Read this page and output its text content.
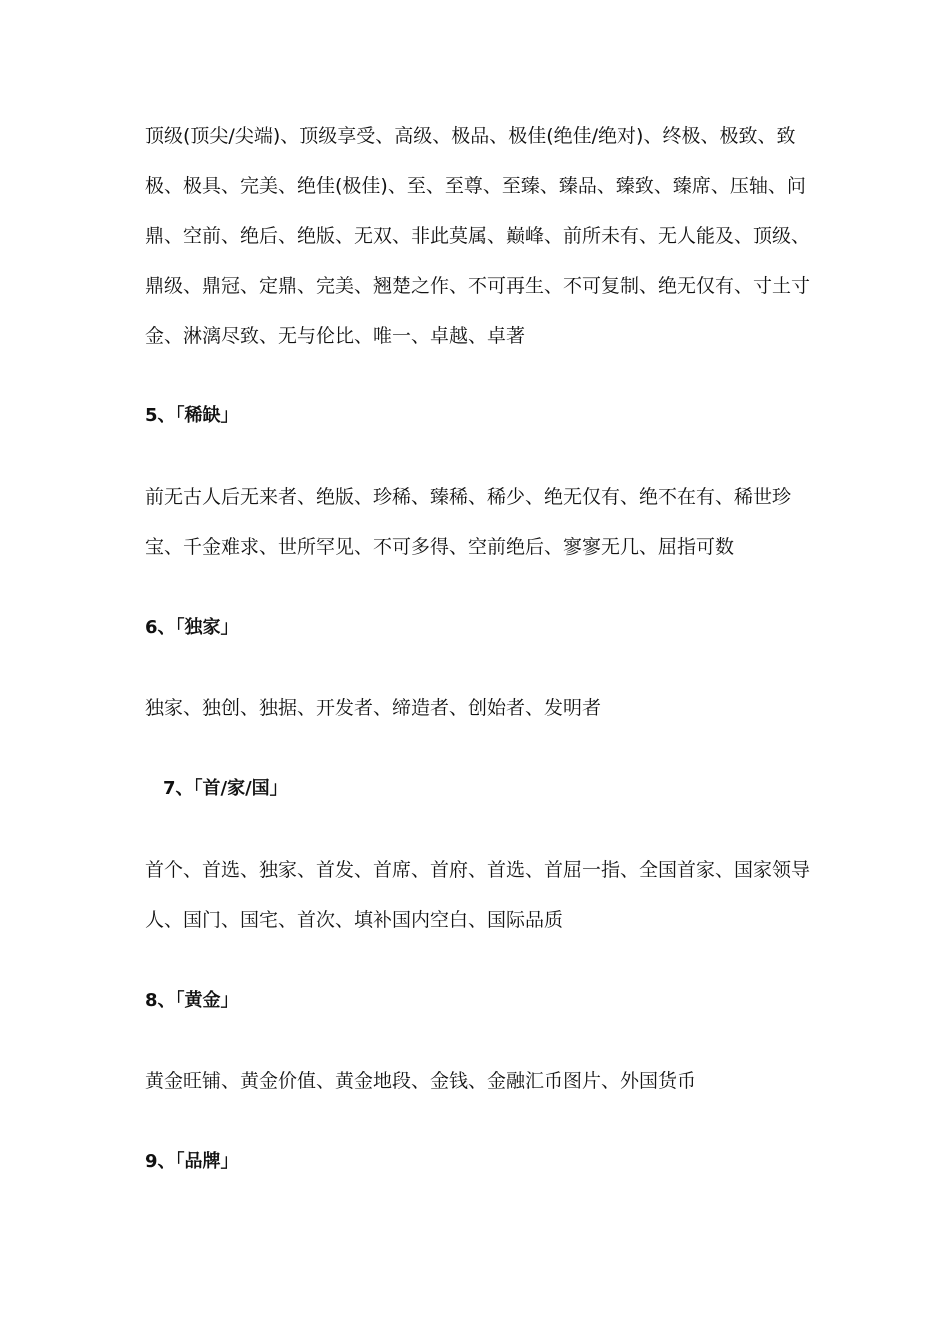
顶级(顶尖/尖端)、顶级享受、高级、极品、极佳(绝佳/绝对)、终极、极致、致极、极具、完美、绝佳(极佳)、至、至尊、至臻、臻品、臻致、臻席、压轴、问鼎、空前、绝后、绝版、无双、非此莫属、巅峰、前所未有、无人能及、顶级、鼎级、鼎冠、定鼎、完美、翘楚之作、不可再生、不可复制、绝无仅有、寸土寸金、淋漓尽致、无与伦比、唯一、卓越、卓著

5、「稀缺」

前无古人后无来者、绝版、珍稀、臻稀、稀少、绝无仅有、绝不在有、稀世珍宝、千金难求、世所罕见、不可多得、空前绝后、寥寥无几、屈指可数

6、「独家」

独家、独创、独据、开发者、缔造者、创始者、发明者

7、「首/家/国」

首个、首选、独家、首发、首席、首府、首选、首屈一指、全国首家、国家领导人、国门、国宅、首次、填补国内空白、国际品质

8、「黄金」

黄金旺铺、黄金价值、黄金地段、金钱、金融汇币图片、外国货币

9、「品牌」
